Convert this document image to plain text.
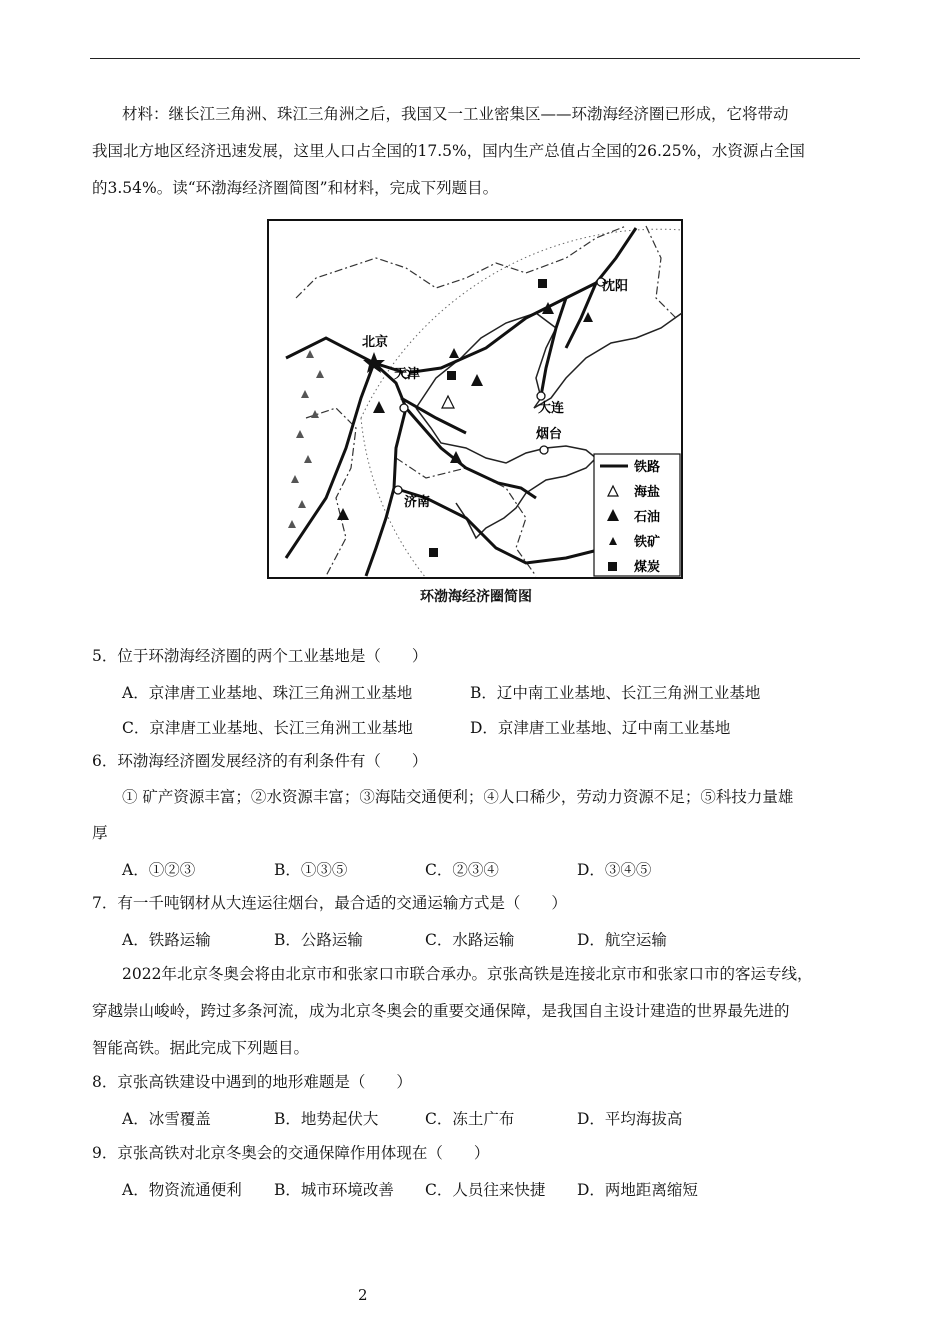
材料：继长江三角洲、珠江三角洲之后，我国又一工业密集区——环渤海经济圈已形成，它将带动
我国北方地区经济迅速发展，这里人口占全国的17.5%，国内生产总值占全国的26.25%，水资源占全国
的3.54%。读“环渤海经济圈简图”和材料，完成下列题目。
北京
天津
沈阳
大连
烟台
济南
铁路
海盐
石油
铁矿
煤炭
环渤海经济圈简图
5．位于环渤海经济圈的两个工业基地是（　　）
A．京津唐工业基地、珠江三角洲工业基地	B．辽中南工业基地、长江三角洲工业基地
C．京津唐工业基地、长江三角洲工业基地	D．京津唐工业基地、辽中南工业基地
6．环渤海经济圈发展经济的有利条件有（　　）
① 矿产资源丰富；②水资源丰富；③海陆交通便利；④人口稀少，劳动力资源不足；⑤科技力量雄
厚
A．①②③	B．①③⑤	C．②③④	D．③④⑤
7．有一千吨钢材从大连运往烟台，最合适的交通运输方式是（　　）
A．铁路运输	B．公路运输	C．水路运输	D．航空运输
2022年北京冬奥会将由北京市和张家口市联合承办。京张高铁是连接北京市和张家口市的客运专线，
穿越崇山峻岭，跨过多条河流，成为北京冬奥会的重要交通保障，是我国自主设计建造的世界最先进的
智能高铁。据此完成下列题目。
8．京张高铁建设中遇到的地形难题是（　　）
A．冰雪覆盖	B．地势起伏大	C．冻土广布	D．平均海拔高
9．京张高铁对北京冬奥会的交通保障作用体现在（　　）
A．物资流通便利 B．城市环境改善 C．人员往来快捷 D．两地距离缩短
2
